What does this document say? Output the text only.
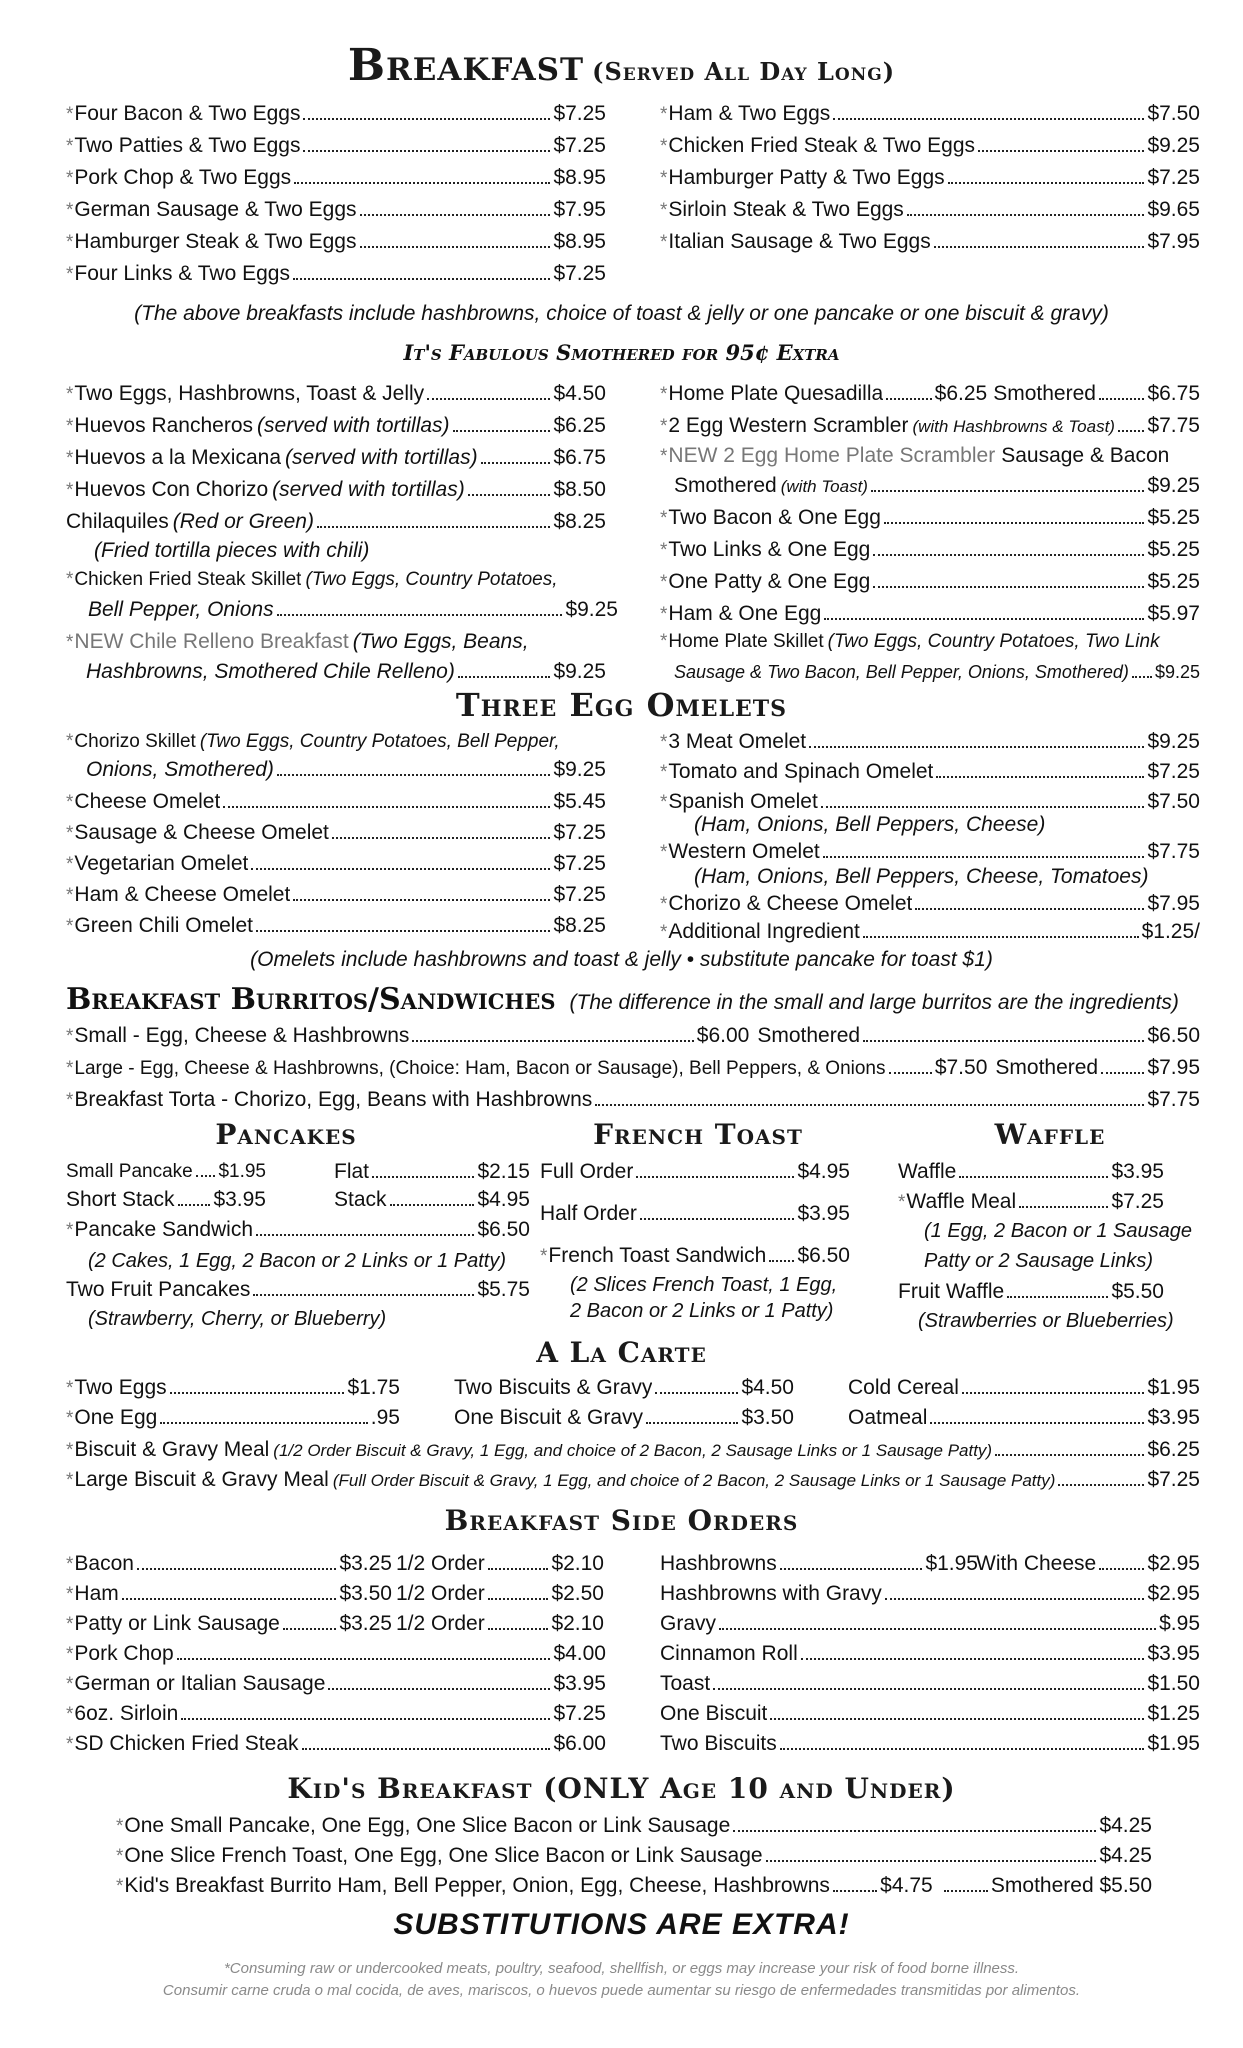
Breakfast (Served All Day Long)
* Four Bacon & Two Eggs	$7.25
* Two Patties & Two Eggs	$7.25
* Pork Chop & Two Eggs	$8.95
* German Sausage & Two Eggs	$7.95
* Hamburger Steak & Two Eggs	$8.95
* Four Links & Two Eggs	$7.25
* Ham & Two Eggs	$7.50
* Chicken Fried Steak & Two Eggs	$9.25
* Hamburger Patty & Two Eggs	$7.25
* Sirloin Steak & Two Eggs	$9.65
* Italian Sausage & Two Eggs	$7.95
(The above breakfasts include hashbrowns, choice of toast & jelly or one pancake or one biscuit & gravy)
It's Fabulous Smothered for 95¢ Extra
* Two Eggs, Hashbrowns, Toast & Jelly	$4.50
* Huevos Rancheros (served with tortillas)	$6.25
* Huevos a la Mexicana (served with tortillas)	$6.75
* Huevos Con Chorizo (served with tortillas)	$8.50
Chilaquiles (Red or Green)	$8.25
(Fried tortilla pieces with chili)
* Chicken Fried Steak Skillet (Two Eggs, Country Potatoes,
Bell Pepper, Onions	$9.25
* NEW Chile Relleno Breakfast (Two Eggs, Beans,
Hashbrowns, Smothered Chile Relleno)	$9.25
* Home Plate Quesadilla $6.25 Smothered $6.75
* 2 Egg Western Scrambler (with Hashbrowns & Toast) $7.75
* NEW 2 Egg Home Plate Scrambler Sausage & Bacon
Smothered (with Toast)	$9.25
* Two Bacon & One Egg	$5.25
* Two Links & One Egg	$5.25
* One Patty & One Egg	$5.25
* Ham & One Egg	$5.97
* Home Plate Skillet (Two Eggs, Country Potatoes, Two Link
Sausage & Two Bacon, Bell Pepper, Onions, Smothered) $9.25
Three Egg Omelets
* Chorizo Skillet (Two Eggs, Country Potatoes, Bell Pepper,
Onions, Smothered)	$9.25
* Cheese Omelet	$5.45
* Sausage & Cheese Omelet	$7.25
* Vegetarian Omelet	$7.25
* Ham & Cheese Omelet	$7.25
* Green Chili Omelet	$8.25
* 3 Meat Omelet	$9.25
* Tomato and Spinach Omelet	$7.25
* Spanish Omelet	$7.50
(Ham, Onions, Bell Peppers, Cheese)
* Western Omelet	$7.75
(Ham, Onions, Bell Peppers, Cheese, Tomatoes)
* Chorizo & Cheese Omelet	$7.95
* Additional Ingredient	$1.25/
(Omelets include hashbrowns and toast & jelly • substitute pancake for toast $1)
Breakfast Burritos/Sandwiches (The difference in the small and large burritos are the ingredients)
* Small - Egg, Cheese & Hashbrowns	$6.00 Smothered	$6.50
* Large - Egg, Cheese & Hashbrowns, (Choice: Ham, Bacon or Sausage), Bell Peppers, & Onions $7.50 Smothered $7.95
* Breakfast Torta - Chorizo, Egg, Beans with Hashbrowns	$7.75
Pancakes	French Toast	Waffle
Small Pancake $1.95	Flat	$2.15
Short Stack $3.95	Stack	$4.95
* Pancake Sandwich	$6.50
(2 Cakes, 1 Egg, 2 Bacon or 2 Links or 1 Patty)
Two Fruit Pancakes	$5.75
(Strawberry, Cherry, or Blueberry)
Full Order	$4.95
Half Order	$3.95
* French Toast Sandwich $6.50
(2 Slices French Toast, 1 Egg,
2 Bacon or 2 Links or 1 Patty)
Waffle	$3.95
* Waffle Meal	$7.25
(1 Egg, 2 Bacon or 1 Sausage
Patty or 2 Sausage Links)
Fruit Waffle	$5.50
(Strawberries or Blueberries)
A La Carte
* Two Eggs	$1.75
* One Egg	.95
Two Biscuits & Gravy	$4.50
One Biscuit & Gravy	$3.50
Cold Cereal	$1.95
Oatmeal	$3.95
* Biscuit & Gravy Meal (1/2 Order Biscuit & Gravy, 1 Egg, and choice of 2 Bacon, 2 Sausage Links or 1 Sausage Patty)	$6.25
* Large Biscuit & Gravy Meal (Full Order Biscuit & Gravy, 1 Egg, and choice of 2 Bacon, 2 Sausage Links or 1 Sausage Patty)	$7.25
Breakfast Side Orders
* Bacon	$3.25 1/2 Order	$2.10
* Ham	$3.50 1/2 Order	$2.50
* Patty or Link Sausage	$3.25 1/2 Order	$2.10
* Pork Chop	$4.00
* German or Italian Sausage	$3.95
* 6oz. Sirloin	$7.25
* SD Chicken Fried Steak	$6.00
Hashbrowns	$1.95
With Cheese $2.95
Hashbrowns with Gravy	$2.95
Gravy	$.95
Cinnamon Roll	$3.95
Toast	$1.50
One Biscuit	$1.25
Two Biscuits	$1.95
Kid's Breakfast (ONLY Age 10 and Under)
* One Small Pancake, One Egg, One Slice Bacon or Link Sausage	$4.25
* One Slice French Toast, One Egg, One Slice Bacon or Link Sausage	$4.25
* Kid's Breakfast Burrito Ham, Bell Pepper, Onion, Egg, Cheese, Hashbrowns $4.75	Smothered $5.50
SUBSTITUTIONS ARE EXTRA!
*Consuming raw or undercooked meats, poultry, seafood, shellfish, or eggs may increase your risk of food borne illness.
Consumir carne cruda o mal cocida, de aves, mariscos, o huevos puede aumentar su riesgo de enfermedades transmitidas por alimentos.
